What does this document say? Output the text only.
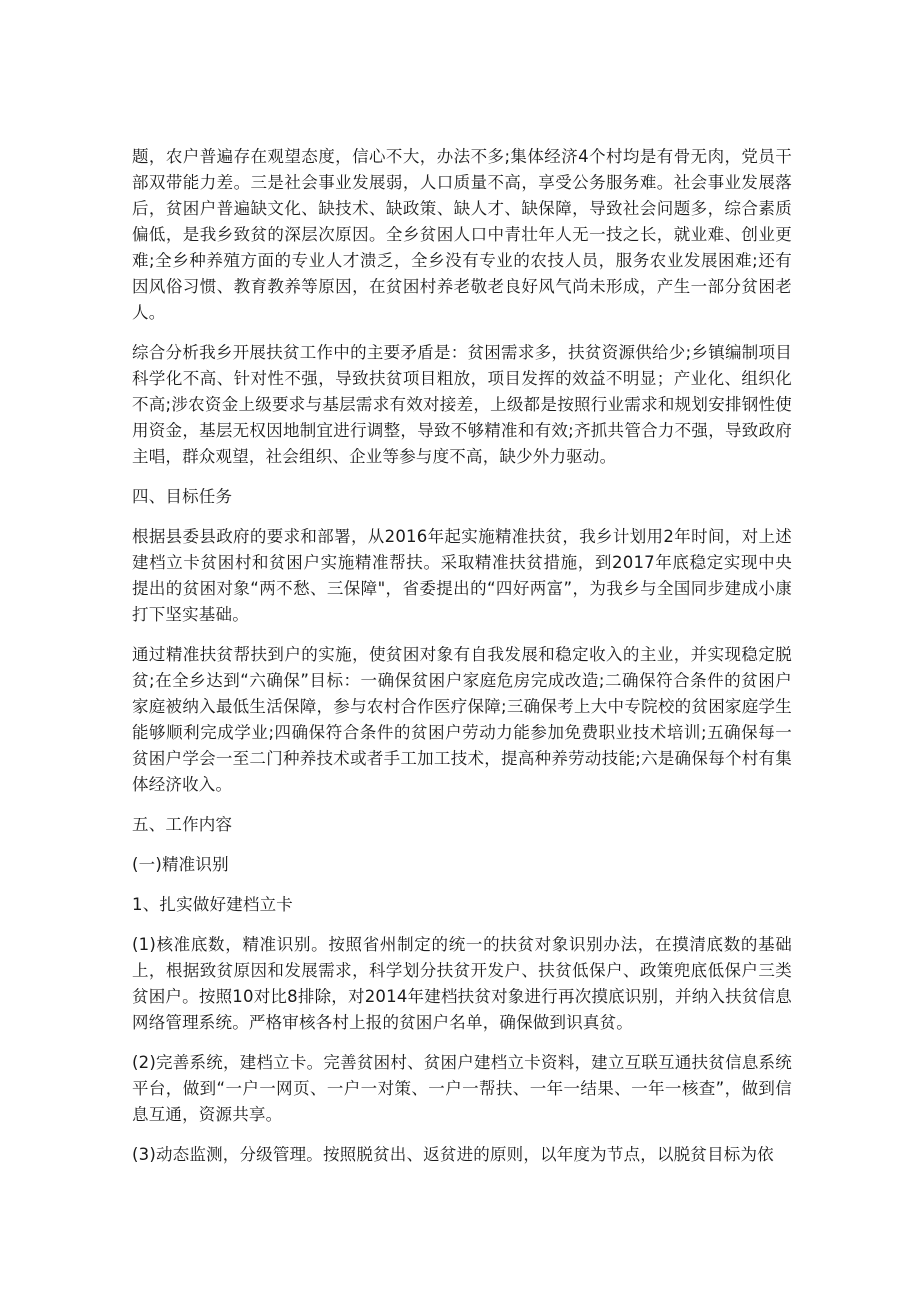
题，农户普遍存在观望态度，信心不大，办法不多;集体经济4个村均是有骨无肉，党员干部双带能力差。三是社会事业发展弱，人口质量不高，享受公务服务难。社会事业发展落后，贫困户普遍缺文化、缺技术、缺政策、缺人才、缺保障，导致社会问题多，综合素质偏低，是我乡致贫的深层次原因。全乡贫困人口中青壮年人无一技之长，就业难、创业更难;全乡种养殖方面的专业人才溃乏，全乡没有专业的农技人员，服务农业发展困难;还有因风俗习惯、教育教养等原因，在贫困村养老敬老良好风气尚未形成，产生一部分贫困老人。

综合分析我乡开展扶贫工作中的主要矛盾是：贫困需求多，扶贫资源供给少;乡镇编制项目科学化不高、针对性不强，导致扶贫项目粗放，项目发挥的效益不明显；产业化、组织化不高;涉农资金上级要求与基层需求有效对接差，上级都是按照行业需求和规划安排钢性使用资金，基层无权因地制宜进行调整，导致不够精准和有效;齐抓共管合力不强，导致政府主唱，群众观望，社会组织、企业等参与度不高，缺少外力驱动。

四、目标任务

根据县委县政府的要求和部署，从2016年起实施精准扶贫，我乡计划用2年时间，对上述建档立卡贫困村和贫困户实施精准帮扶。采取精准扶贫措施，到2017年底稳定实现中央提出的贫困对象“两不愁、三保障"，省委提出的“四好两富”，为我乡与全国同步建成小康打下坚实基础。

通过精准扶贫帮扶到户的实施，使贫困对象有自我发展和稳定收入的主业，并实现稳定脱贫;在全乡达到“六确保”目标：一确保贫困户家庭危房完成改造;二确保符合条件的贫困户家庭被纳入最低生活保障，参与农村合作医疗保障;三确保考上大中专院校的贫困家庭学生能够顺利完成学业;四确保符合条件的贫困户劳动力能参加免费职业技术培训;五确保每一贫困户学会一至二门种养技术或者手工加工技术，提高种养劳动技能;六是确保每个村有集体经济收入。

五、工作内容

(一)精准识别

1、扎实做好建档立卡

(1)核准底数，精准识别。按照省州制定的统一的扶贫对象识别办法，在摸清底数的基础上，根据致贫原因和发展需求，科学划分扶贫开发户、扶贫低保户、政策兜底低保户三类贫困户。按照10对比8排除，对2014年建档扶贫对象进行再次摸底识别，并纳入扶贫信息网络管理系统。严格审核各村上报的贫困户名单，确保做到识真贫。

(2)完善系统，建档立卡。完善贫困村、贫困户建档立卡资料，建立互联互通扶贫信息系统平台，做到“一户一网页、一户一对策、一户一帮扶、一年一结果、一年一核查”，做到信息互通，资源共享。

(3)动态监测，分级管理。按照脱贫出、返贫进的原则，以年度为节点，以脱贫目标为依
